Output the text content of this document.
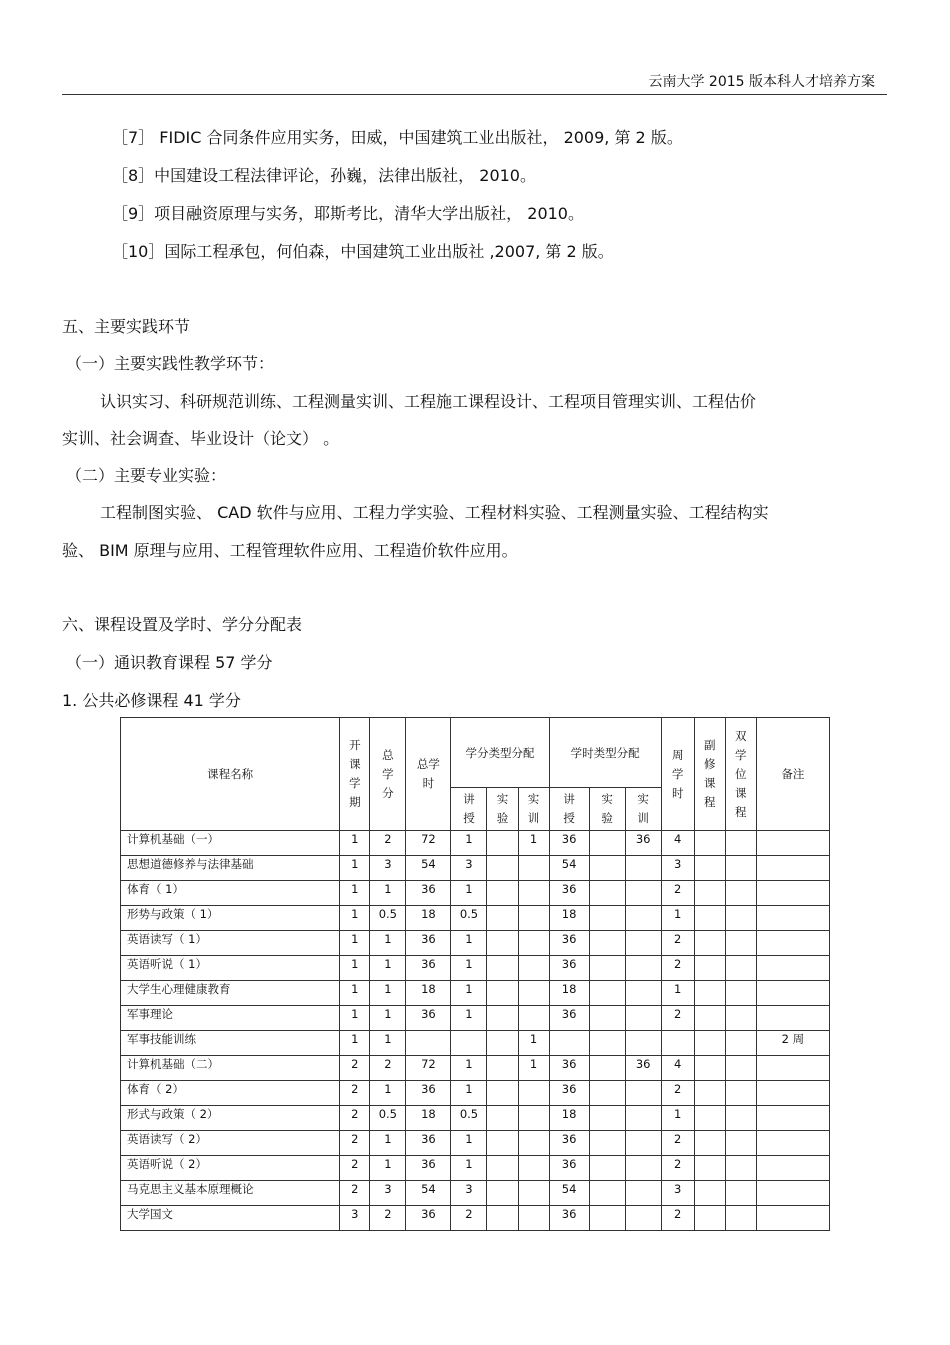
云南大学 2015 版本科人才培养方案
［7］ FIDIC 合同条件应用实务，田威，中国建筑工业出版社， 2009, 第 2 版。
［8］中国建设工程法律评论，孙巍，法律出版社， 2010。
［9］项目融资原理与实务，耶斯考比，清华大学出版社， 2010。
［10］国际工程承包，何伯森，中国建筑工业出版社 ,2007, 第 2 版。
五、主要实践环节
（一）主要实践性教学环节：
认识实习、科研规范训练、工程测量实训、工程施工课程设计、工程项目管理实训、工程估价
实训、社会调查、毕业设计（论文） 。
（二）主要专业实验：
工程制图实验、 CAD 软件与应用、工程力学实验、工程材料实验、工程测量实验、工程结构实
验、 BIM 原理与应用、工程管理软件应用、工程造价软件应用。
六、课程设置及学时、学分分配表
（一）通识教育课程 57 学分
1. 公共必修课程 41 学分
课程名称	开课学期	总学分	总学时	学分类型分配			学时类型分配			周学时	副修课程	双学位课程	备注
				讲授	实验	实训	讲授	实验	实训				
计算机基础（一）	1	2	72	1		1	36		36	4			
思想道德修养与法律基础	1	3	54	3			54			3			
体育（ 1）	1	1	36	1			36			2			
形势与政策（ 1）	1	0.5	18	0.5			18			1			
英语读写（ 1）	1	1	36	1			36			2			
英语听说（ 1）	1	1	36	1			36			2			
大学生心理健康教育	1	1	18	1			18			1			
军事理论	1	1	36	1			36			2			
军事技能训练	1	1				1							2 周
计算机基础（二）	2	2	72	1		1	36		36	4			
体育（ 2）	2	1	36	1			36			2			
形式与政策（ 2）	2	0.5	18	0.5			18			1			
英语读写（ 2）	2	1	36	1			36			2			
英语听说（ 2）	2	1	36	1			36			2			
马克思主义基本原理概论	2	3	54	3			54			3			
大学国文	3	2	36	2			36			2			
